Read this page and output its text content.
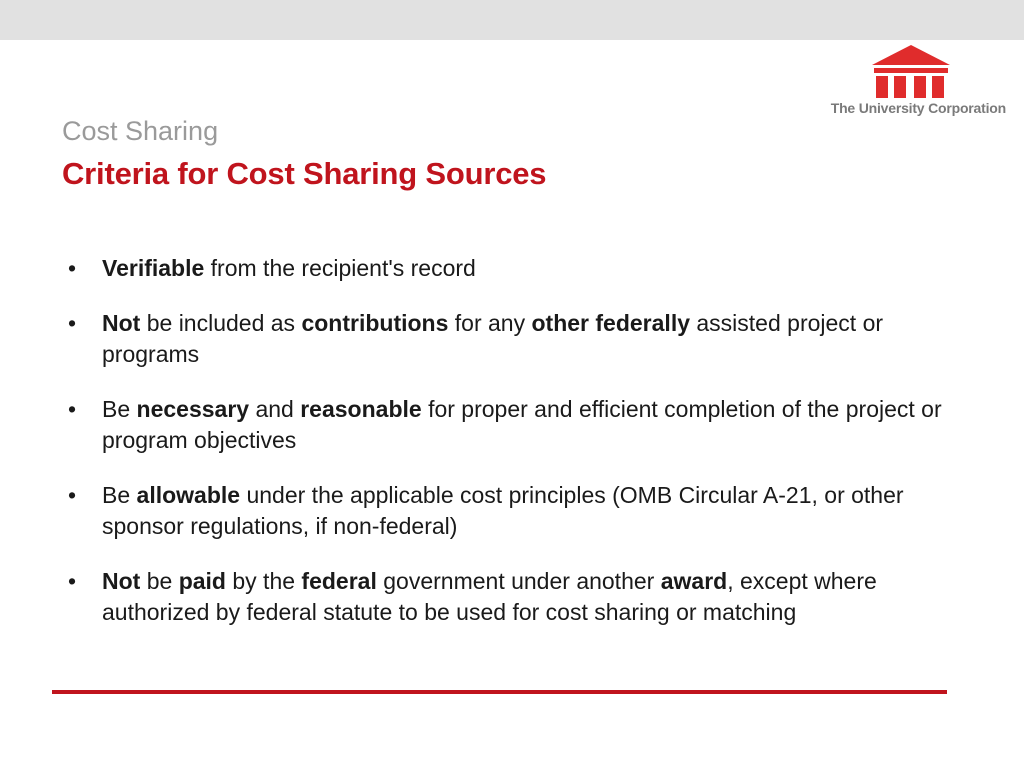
The University Corporation
Cost Sharing
Criteria for Cost Sharing Sources
•	Verifiable from the recipient's record
•	Not be included as contributions for any other federally assisted project or programs
•	Be necessary and reasonable for proper and efficient completion of the project or program objectives
•	Be allowable under the applicable cost principles (OMB Circular A-21, or other sponsor regulations, if non-federal)
•	Not be paid by the federal government under another award, except where authorized by federal statute to be used for cost sharing or matching
